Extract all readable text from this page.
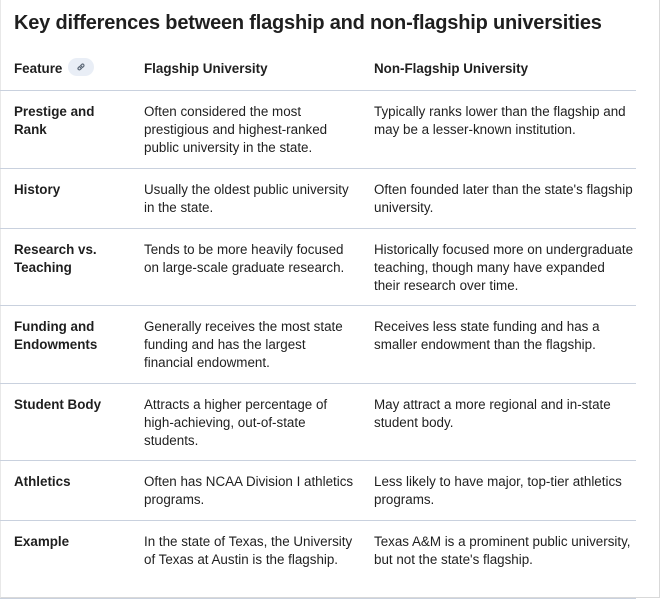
Key differences between flagship and non-flagship universities
Feature	Flagship University	Non-Flagship University

Prestige and Rank	Often considered the most prestigious and highest-ranked public university in the state.	Typically ranks lower than the flagship and may be a lesser-known institution.

History	Usually the oldest public university in the state.	Often founded later than the state's flagship university.

Research vs. Teaching	Tends to be more heavily focused on large-scale graduate research.	Historically focused more on undergraduate teaching, though many have expanded their research over time.

Funding and Endowments	Generally receives the most state funding and has the largest financial endowment.	Receives less state funding and has a smaller endowment than the flagship.

Student Body	Attracts a higher percentage of high-achieving, out-of-state students.	May attract a more regional and in-state student body.

Athletics	Often has NCAA Division I athletics programs.	Less likely to have major, top-tier athletics programs.

Example	In the state of Texas, the University of Texas at Austin is the flagship.	Texas A&M is a prominent public university, but not the state's flagship.
